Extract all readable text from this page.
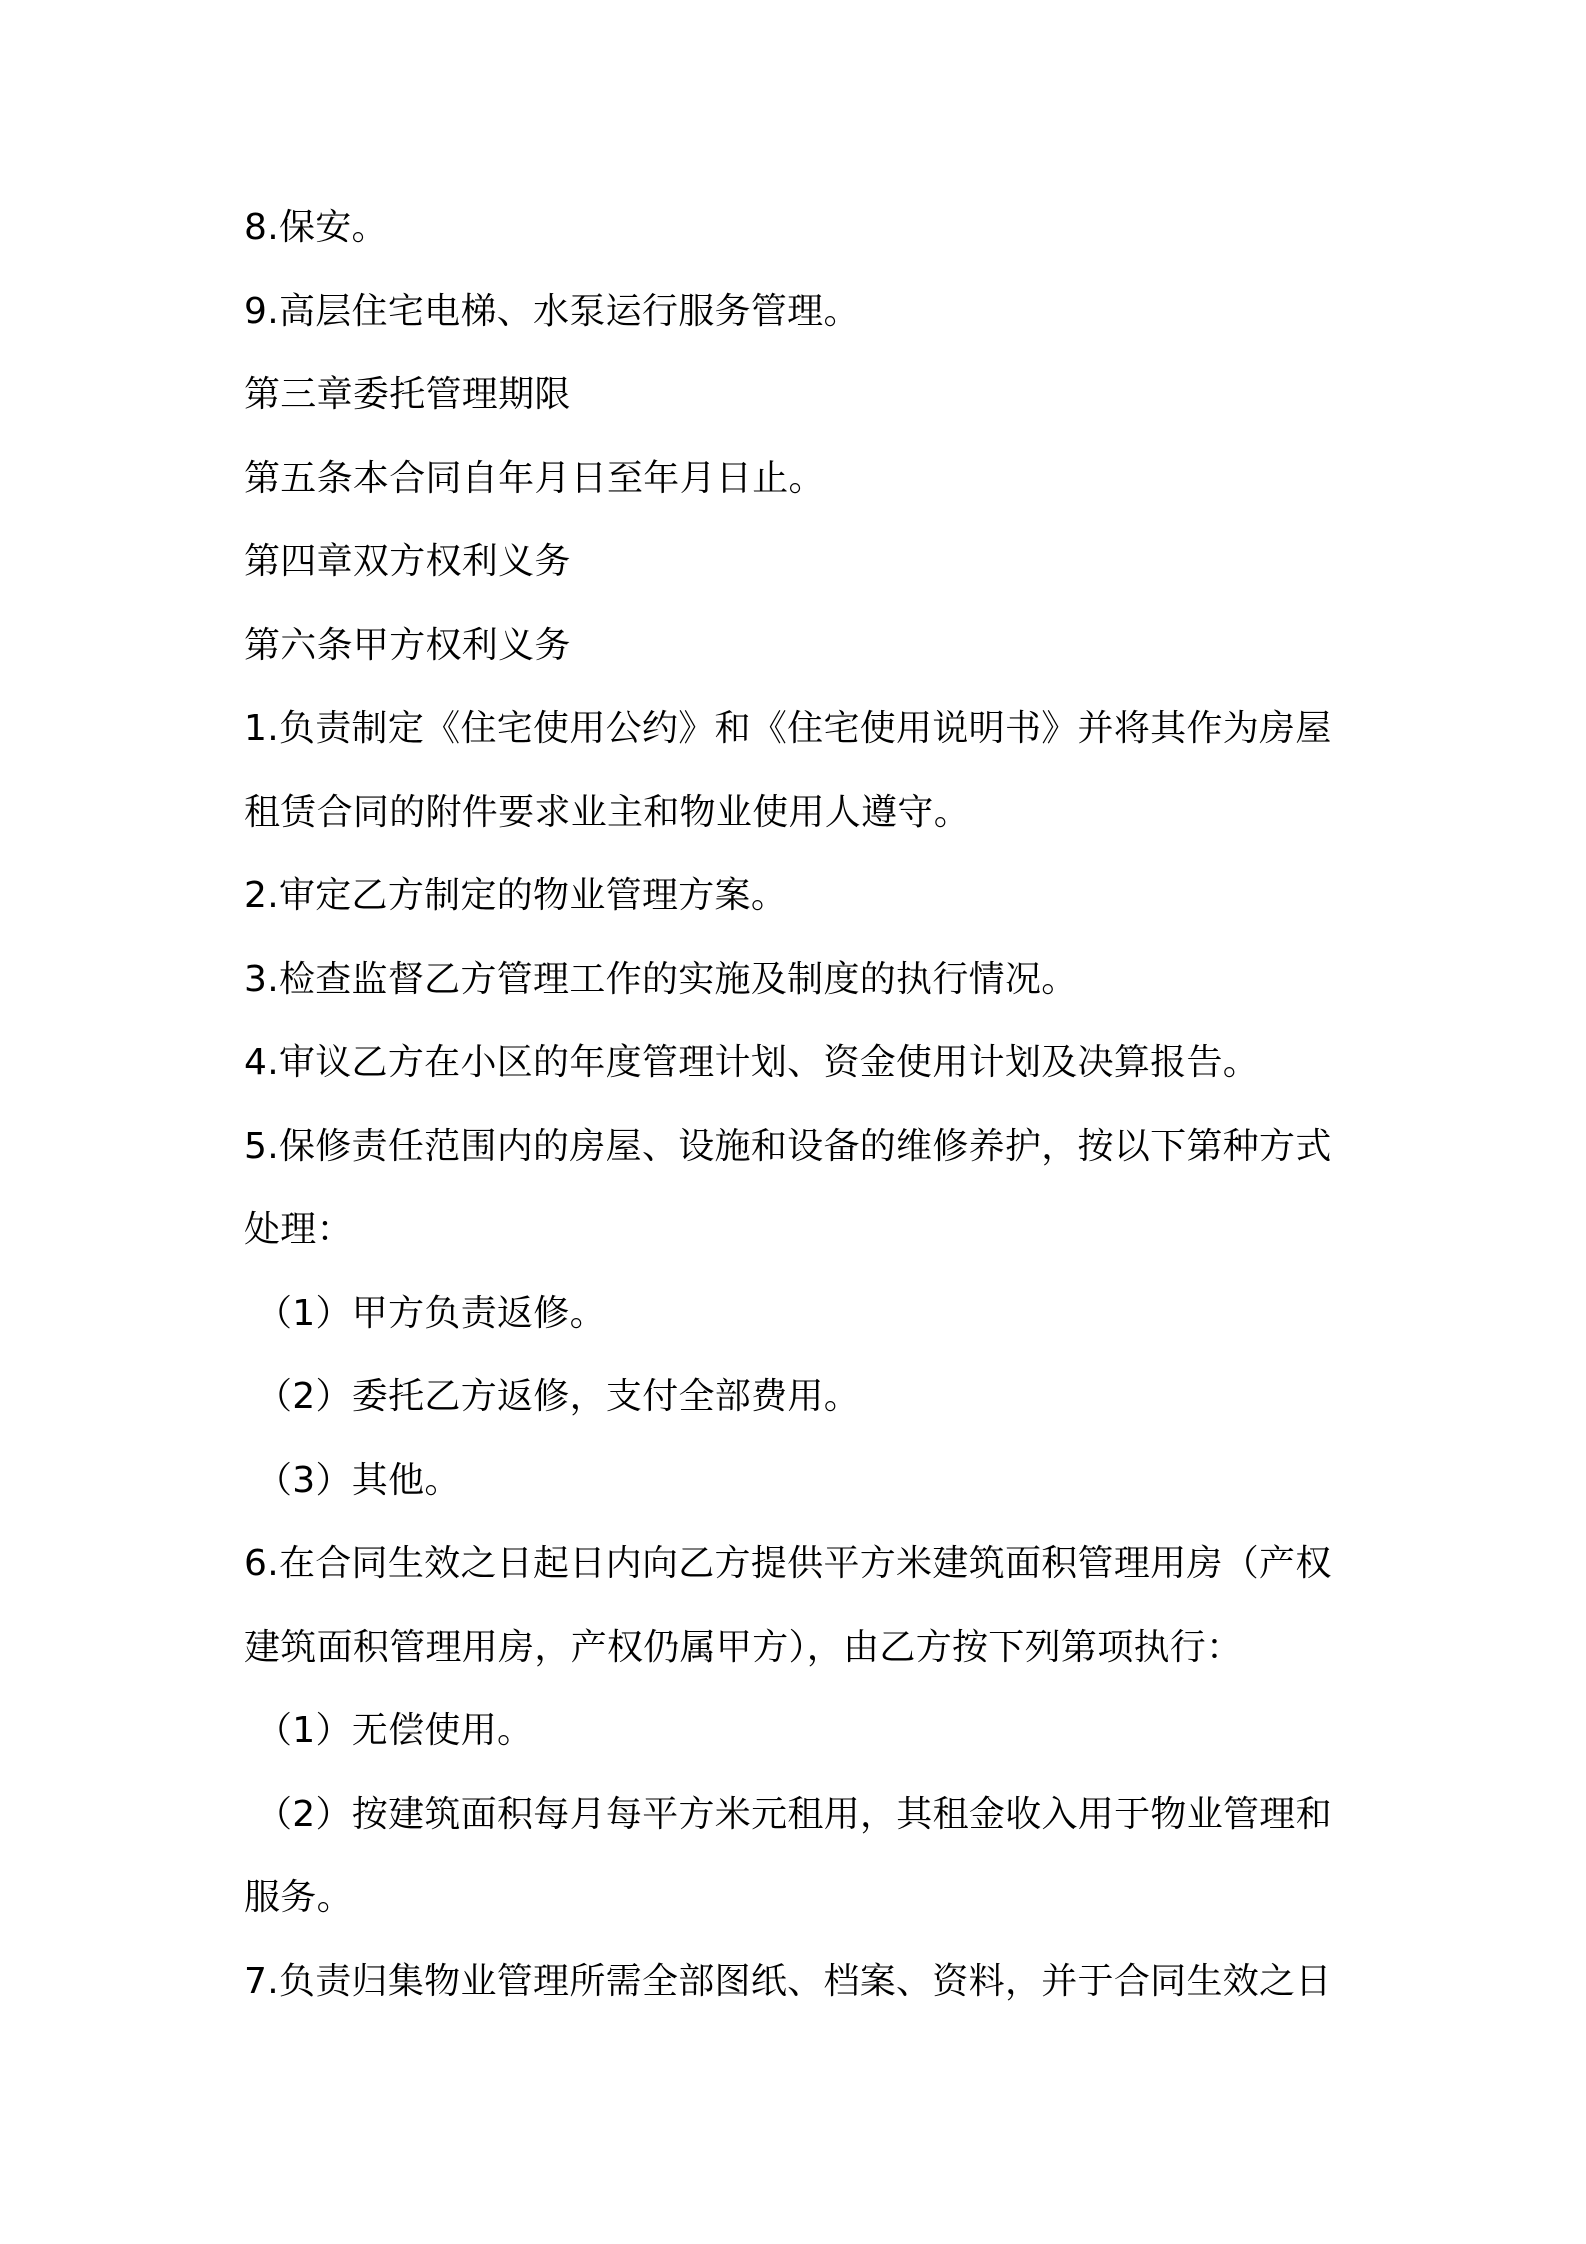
8.保安。
9.高层住宅电梯、水泵运行服务管理。
第三章委托管理期限
第五条本合同自年月日至年月日止。
第四章双方权利义务
第六条甲方权利义务
1.负责制定《住宅使用公约》和《住宅使用说明书》并将其作为房屋
租赁合同的附件要求业主和物业使用人遵守。
2.审定乙方制定的物业管理方案。
3.检查监督乙方管理工作的实施及制度的执行情况。
4.审议乙方在小区的年度管理计划、资金使用计划及决算报告。
5.保修责任范围内的房屋、设施和设备的维修养护，按以下第种方式
处理：
（1）甲方负责返修。
（2）委托乙方返修，支付全部费用。
（3）其他。
6.在合同生效之日起日内向乙方提供平方米建筑面积管理用房（产权
建筑面积管理用房，产权仍属甲方），由乙方按下列第项执行：
（1）无偿使用。
（2）按建筑面积每月每平方米元租用，其租金收入用于物业管理和
服务。
7.负责归集物业管理所需全部图纸、档案、资料，并于合同生效之日
